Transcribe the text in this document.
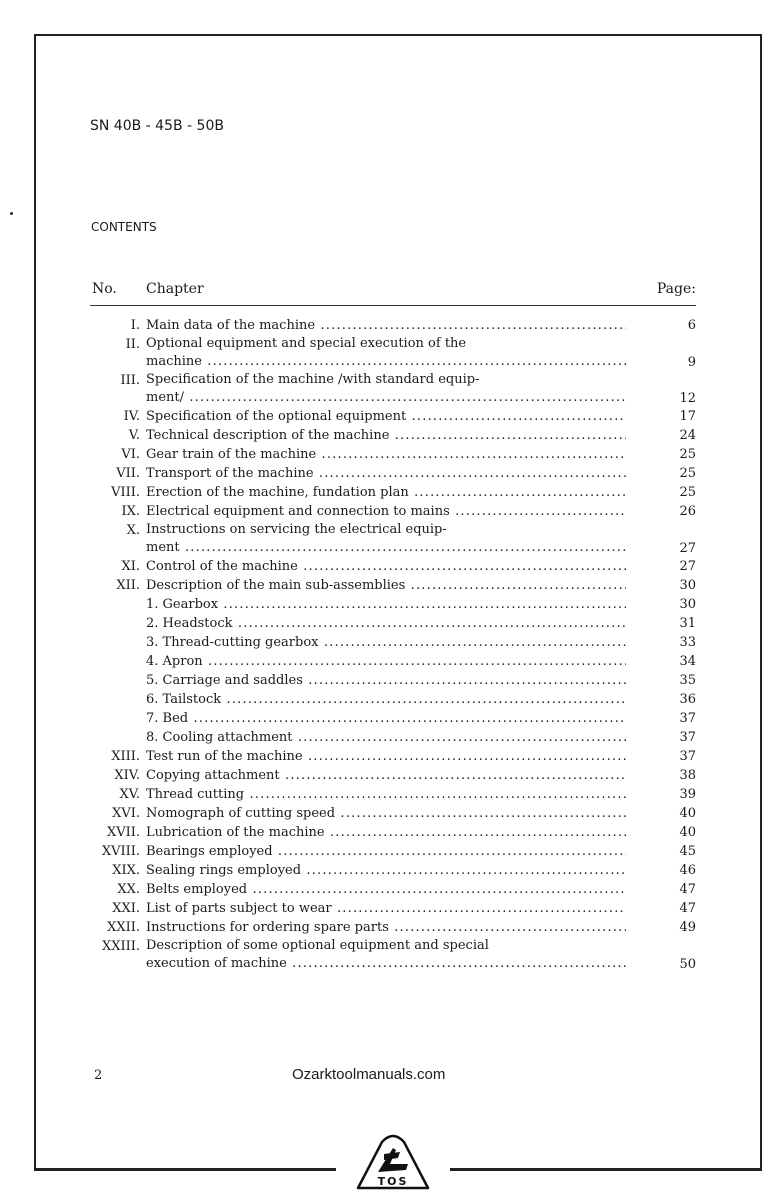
SN 40B - 45B - 50B
CONTENTS
No. Chapter	Page:
I. Main data of the machine .....	6
II. Optional equipment and special execution of the
machine .....	9
III. Specification of the machine /with standard equip-
ment/ .....	12
IV. Specification of the optional equipment .....	17
V. Technical description of the machine .....	24
VI. Gear train of the machine .....	25
VII. Transport of the machine .....	25
VIII. Erection of the machine, fundation plan .....	25
IX. Electrical equipment and connection to mains .....	26
X. Instructions on servicing the electrical equip-
ment .....	27
XI. Control of the machine .....	27
XII. Description of the main sub-assemblies .....	30
1. Gearbox .....	30
2. Headstock .....	31
3. Thread-cutting gearbox .....	33
4. Apron .....	34
5. Carriage and saddles .....	35
6. Tailstock .....	36
7. Bed .....	37
8. Cooling attachment .....	37
XIII. Test run of the machine .....	37
XIV. Copying attachment .....	38
XV. Thread cutting .....	39
XVI. Nomograph of cutting speed .....	40
XVII. Lubrication of the machine .....	40
XVIII. Bearings employed .....	45
XIX. Sealing rings employed .....	46
XX. Belts employed .....	47
XXI. List of parts subject to wear .....	47
XXII. Instructions for ordering spare parts .....	49
XXIII. Description of some optional equipment and special
execution of machine .....	50
2	Ozarktoolmanuals.com
TOS
